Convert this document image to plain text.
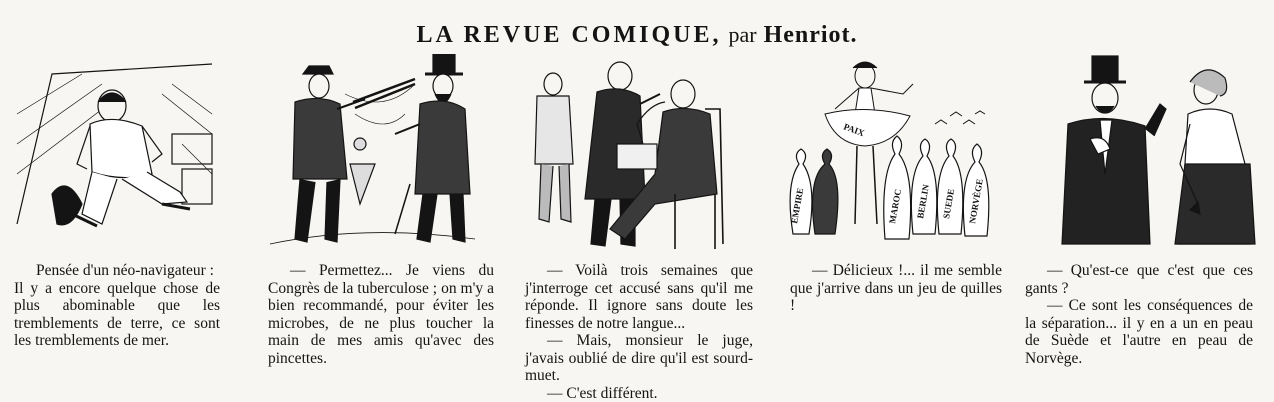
LA REVUE COMIQUE, par Henriot.
EMPIRE
PAIX
MAROC BERLIN SUEDE NORVÈGE

Pensée d'un néo-navigateur :

Il y a encore quelque chose de plus abominable que les tremblements de terre, ce sont les tremblements de mer.

— Permettez... Je viens du Congrès de la tuberculose ; on m'y a bien recommandé, pour éviter les microbes, de ne plus toucher la main de mes amis qu'avec des pincettes.

— Voilà trois semaines que j'interroge cet accusé sans qu'il me réponde. Il ignore sans doute les finesses de notre langue...

— Mais, monsieur le juge, j'avais oublié de dire qu'il est sourd-muet.

— C'est différent.

— Délicieux !... il me semble que j'arrive dans un jeu de quilles !

— Qu'est-ce que c'est que ces gants ?

— Ce sont les conséquences de la séparation... il y en a un en peau de Suède et l'autre en peau de Norvège.
